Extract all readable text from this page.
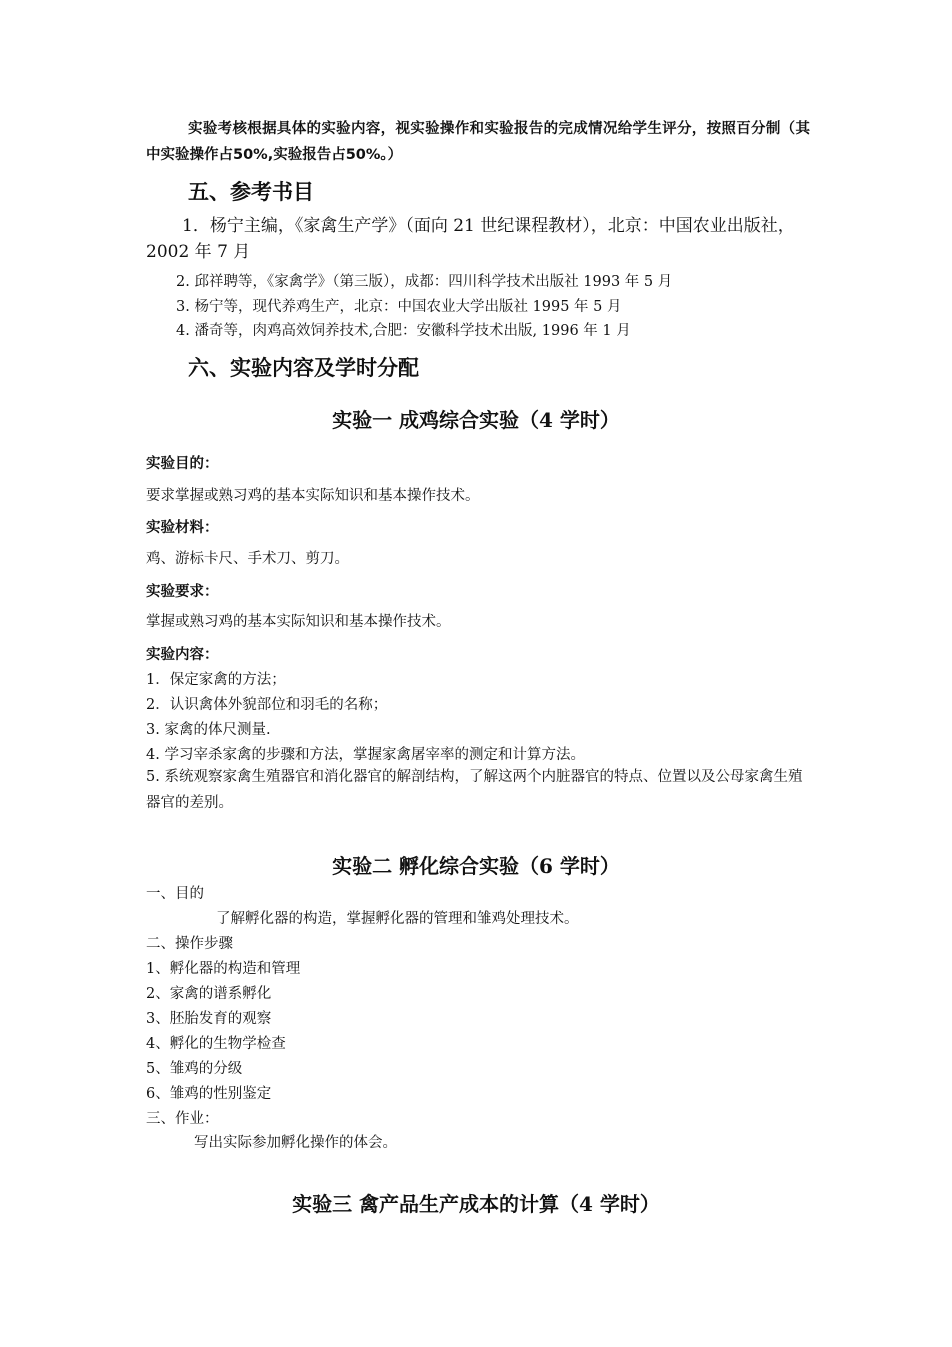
实验考核根据具体的实验内容，视实验操作和实验报告的完成情况给学生评分，按照百分制（其中实验操作占50%,实验报告占50%。）
五、参考书目
1．杨宁主编，《家禽生产学》（面向 21 世纪课程教材），北京：中国农业出版社，2002 年 7 月
2. 邱祥聘等，《家禽学》（第三版），成都：四川科学技术出版社 1993 年 5 月
3. 杨宁等，现代养鸡生产，北京：中国农业大学出版社 1995 年 5 月
4. 潘奇等，肉鸡高效饲养技术,合肥：安徽科学技术出版, 1996 年 1 月
六、实验内容及学时分配
实验一 成鸡综合实验（4 学时）
实验目的：
要求掌握或熟习鸡的基本实际知识和基本操作技术。
实验材料：
鸡、游标卡尺、手术刀、剪刀。
实验要求：
掌握或熟习鸡的基本实际知识和基本操作技术。
实验内容：
1．保定家禽的方法；
2．认识禽体外貌部位和羽毛的名称；
3. 家禽的体尺测量.
4. 学习宰杀家禽的步骤和方法，掌握家禽屠宰率的测定和计算方法。
5. 系统观察家禽生殖器官和消化器官的解剖结构，了解这两个内脏器官的特点、位置以及公母家禽生殖器官的差别。
实验二 孵化综合实验（6 学时）
一、目的
了解孵化器的构造，掌握孵化器的管理和雏鸡处理技术。
二、操作步骤
1、孵化器的构造和管理
2、家禽的谱系孵化
3、胚胎发育的观察
4、孵化的生物学检查
5、雏鸡的分级
6、雏鸡的性别鉴定
三、作业：
写出实际参加孵化操作的体会。
实验三 禽产品生产成本的计算（4 学时）
